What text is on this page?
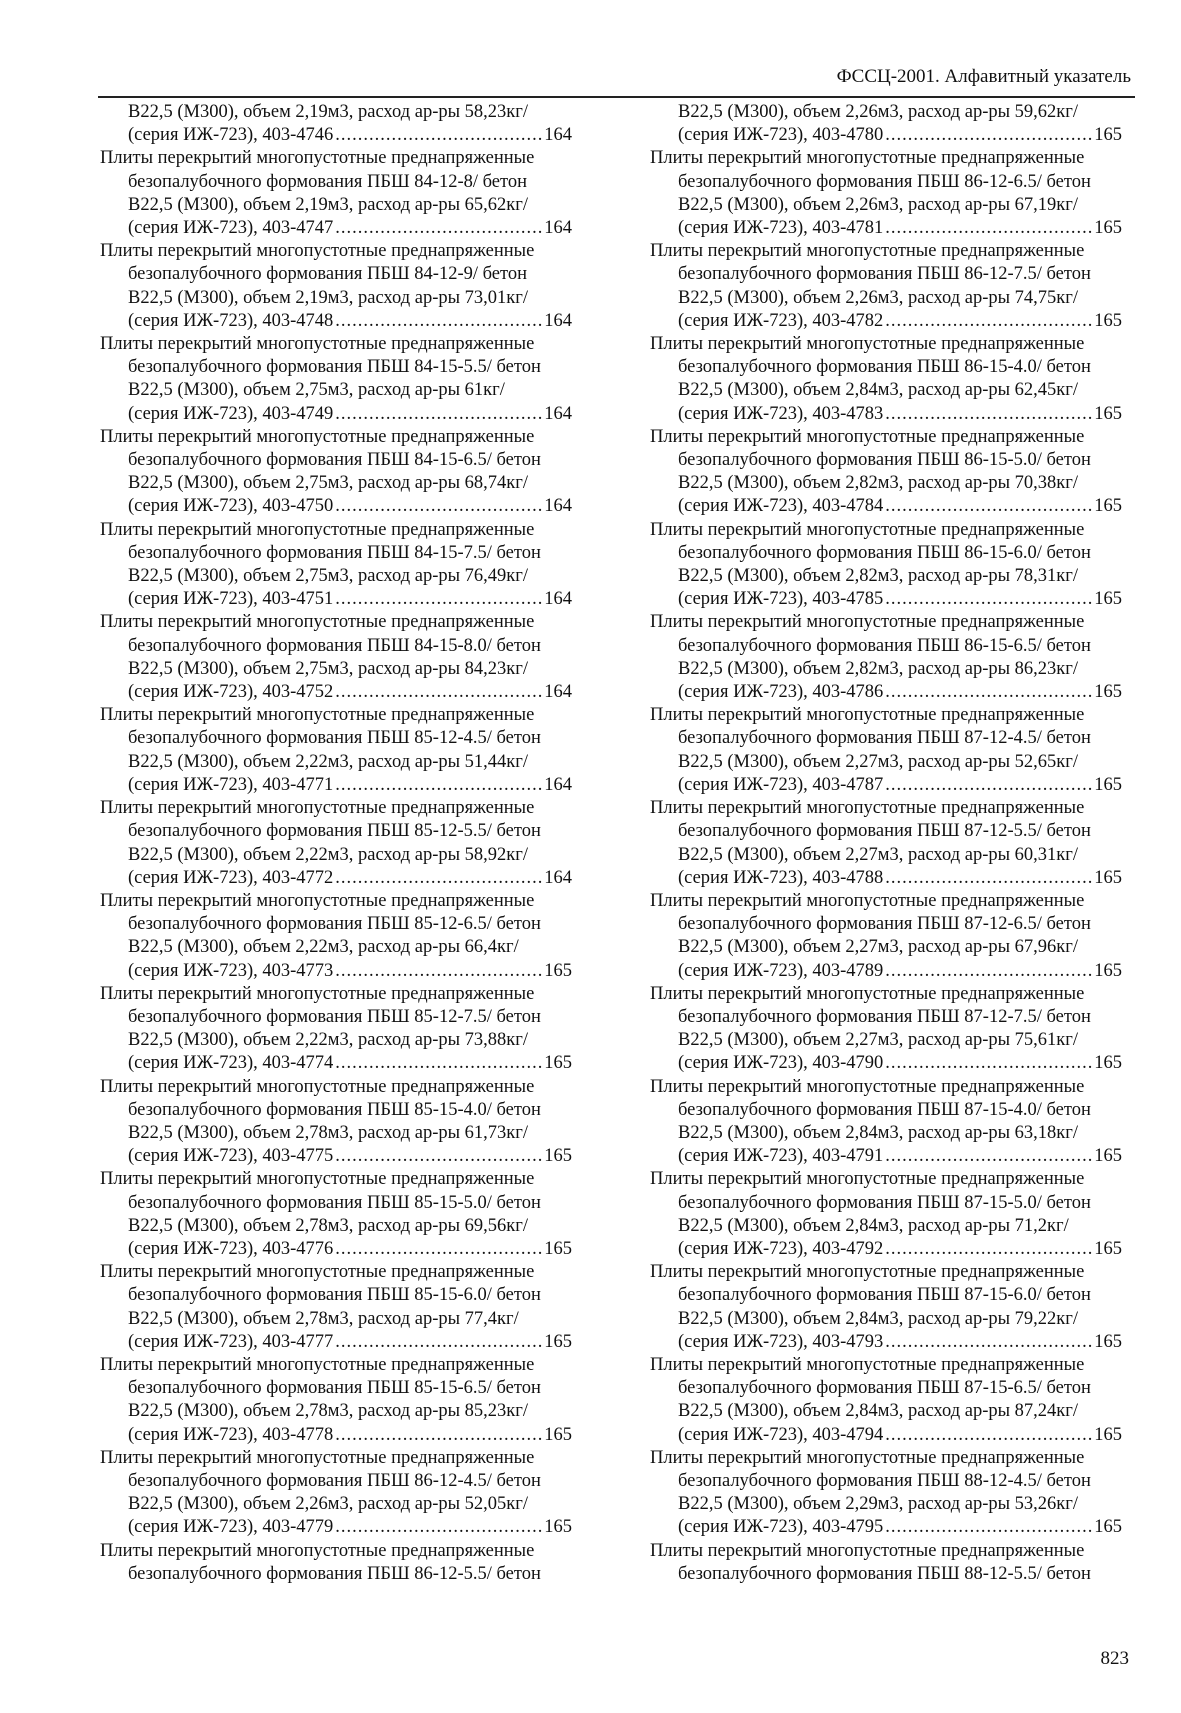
ФССЦ-2001. Алфавитный указатель
В22,5 (М300), объем 2,19м3, расход ар-ры 58,23кг/
(серия ИЖ-723), 403-4746 .....	164
Плиты перекрытий многопустотные преднапряженные
безопалубочного формования ПБШ 84-12-8/ бетон
В22,5 (М300), объем 2,19м3, расход ар-ры 65,62кг/
(серия ИЖ-723), 403-4747 .....	164
Плиты перекрытий многопустотные преднапряженные
безопалубочного формования ПБШ 84-12-9/ бетон
В22,5 (М300), объем 2,19м3, расход ар-ры 73,01кг/
(серия ИЖ-723), 403-4748 .....	164
Плиты перекрытий многопустотные преднапряженные
безопалубочного формования ПБШ 84-15-5.5/ бетон
В22,5 (М300), объем 2,75м3, расход ар-ры 61кг/
(серия ИЖ-723), 403-4749 .....	164
Плиты перекрытий многопустотные преднапряженные
безопалубочного формования ПБШ 84-15-6.5/ бетон
В22,5 (М300), объем 2,75м3, расход ар-ры 68,74кг/
(серия ИЖ-723), 403-4750 .....	164
Плиты перекрытий многопустотные преднапряженные
безопалубочного формования ПБШ 84-15-7.5/ бетон
В22,5 (М300), объем 2,75м3, расход ар-ры 76,49кг/
(серия ИЖ-723), 403-4751 .....	164
Плиты перекрытий многопустотные преднапряженные
безопалубочного формования ПБШ 84-15-8.0/ бетон
В22,5 (М300), объем 2,75м3, расход ар-ры 84,23кг/
(серия ИЖ-723), 403-4752 .....	164
Плиты перекрытий многопустотные преднапряженные
безопалубочного формования ПБШ 85-12-4.5/ бетон
В22,5 (М300), объем 2,22м3, расход ар-ры 51,44кг/
(серия ИЖ-723), 403-4771 .....	164
Плиты перекрытий многопустотные преднапряженные
безопалубочного формования ПБШ 85-12-5.5/ бетон
В22,5 (М300), объем 2,22м3, расход ар-ры 58,92кг/
(серия ИЖ-723), 403-4772 .....	164
Плиты перекрытий многопустотные преднапряженные
безопалубочного формования ПБШ 85-12-6.5/ бетон
В22,5 (М300), объем 2,22м3, расход ар-ры 66,4кг/
(серия ИЖ-723), 403-4773 .....	165
Плиты перекрытий многопустотные преднапряженные
безопалубочного формования ПБШ 85-12-7.5/ бетон
В22,5 (М300), объем 2,22м3, расход ар-ры 73,88кг/
(серия ИЖ-723), 403-4774 .....	165
Плиты перекрытий многопустотные преднапряженные
безопалубочного формования ПБШ 85-15-4.0/ бетон
В22,5 (М300), объем 2,78м3, расход ар-ры 61,73кг/
(серия ИЖ-723), 403-4775 .....	165
Плиты перекрытий многопустотные преднапряженные
безопалубочного формования ПБШ 85-15-5.0/ бетон
В22,5 (М300), объем 2,78м3, расход ар-ры 69,56кг/
(серия ИЖ-723), 403-4776 .....	165
Плиты перекрытий многопустотные преднапряженные
безопалубочного формования ПБШ 85-15-6.0/ бетон
В22,5 (М300), объем 2,78м3, расход ар-ры 77,4кг/
(серия ИЖ-723), 403-4777 .....	165
Плиты перекрытий многопустотные преднапряженные
безопалубочного формования ПБШ 85-15-6.5/ бетон
В22,5 (М300), объем 2,78м3, расход ар-ры 85,23кг/
(серия ИЖ-723), 403-4778 .....	165
Плиты перекрытий многопустотные преднапряженные
безопалубочного формования ПБШ 86-12-4.5/ бетон
В22,5 (М300), объем 2,26м3, расход ар-ры 52,05кг/
(серия ИЖ-723), 403-4779 .....	165
Плиты перекрытий многопустотные преднапряженные
безопалубочного формования ПБШ 86-12-5.5/ бетон
В22,5 (М300), объем 2,26м3, расход ар-ры 59,62кг/
(серия ИЖ-723), 403-4780 .....	165
Плиты перекрытий многопустотные преднапряженные
безопалубочного формования ПБШ 86-12-6.5/ бетон
В22,5 (М300), объем 2,26м3, расход ар-ры 67,19кг/
(серия ИЖ-723), 403-4781 .....	165
Плиты перекрытий многопустотные преднапряженные
безопалубочного формования ПБШ 86-12-7.5/ бетон
В22,5 (М300), объем 2,26м3, расход ар-ры 74,75кг/
(серия ИЖ-723), 403-4782 .....	165
Плиты перекрытий многопустотные преднапряженные
безопалубочного формования ПБШ 86-15-4.0/ бетон
В22,5 (М300), объем 2,84м3, расход ар-ры 62,45кг/
(серия ИЖ-723), 403-4783 .....	165
Плиты перекрытий многопустотные преднапряженные
безопалубочного формования ПБШ 86-15-5.0/ бетон
В22,5 (М300), объем 2,82м3, расход ар-ры 70,38кг/
(серия ИЖ-723), 403-4784 .....	165
Плиты перекрытий многопустотные преднапряженные
безопалубочного формования ПБШ 86-15-6.0/ бетон
В22,5 (М300), объем 2,82м3, расход ар-ры 78,31кг/
(серия ИЖ-723), 403-4785 .....	165
Плиты перекрытий многопустотные преднапряженные
безопалубочного формования ПБШ 86-15-6.5/ бетон
В22,5 (М300), объем 2,82м3, расход ар-ры 86,23кг/
(серия ИЖ-723), 403-4786 .....	165
Плиты перекрытий многопустотные преднапряженные
безопалубочного формования ПБШ 87-12-4.5/ бетон
В22,5 (М300), объем 2,27м3, расход ар-ры 52,65кг/
(серия ИЖ-723), 403-4787 .....	165
Плиты перекрытий многопустотные преднапряженные
безопалубочного формования ПБШ 87-12-5.5/ бетон
В22,5 (М300), объем 2,27м3, расход ар-ры 60,31кг/
(серия ИЖ-723), 403-4788 .....	165
Плиты перекрытий многопустотные преднапряженные
безопалубочного формования ПБШ 87-12-6.5/ бетон
В22,5 (М300), объем 2,27м3, расход ар-ры 67,96кг/
(серия ИЖ-723), 403-4789 .....	165
Плиты перекрытий многопустотные преднапряженные
безопалубочного формования ПБШ 87-12-7.5/ бетон
В22,5 (М300), объем 2,27м3, расход ар-ры 75,61кг/
(серия ИЖ-723), 403-4790 .....	165
Плиты перекрытий многопустотные преднапряженные
безопалубочного формования ПБШ 87-15-4.0/ бетон
В22,5 (М300), объем 2,84м3, расход ар-ры 63,18кг/
(серия ИЖ-723), 403-4791 .....	165
Плиты перекрытий многопустотные преднапряженные
безопалубочного формования ПБШ 87-15-5.0/ бетон
В22,5 (М300), объем 2,84м3, расход ар-ры 71,2кг/
(серия ИЖ-723), 403-4792 .....	165
Плиты перекрытий многопустотные преднапряженные
безопалубочного формования ПБШ 87-15-6.0/ бетон
В22,5 (М300), объем 2,84м3, расход ар-ры 79,22кг/
(серия ИЖ-723), 403-4793 .....	165
Плиты перекрытий многопустотные преднапряженные
безопалубочного формования ПБШ 87-15-6.5/ бетон
В22,5 (М300), объем 2,84м3, расход ар-ры 87,24кг/
(серия ИЖ-723), 403-4794 .....	165
Плиты перекрытий многопустотные преднапряженные
безопалубочного формования ПБШ 88-12-4.5/ бетон
В22,5 (М300), объем 2,29м3, расход ар-ры 53,26кг/
(серия ИЖ-723), 403-4795 .....	165
Плиты перекрытий многопустотные преднапряженные
безопалубочного формования ПБШ 88-12-5.5/ бетон
823
